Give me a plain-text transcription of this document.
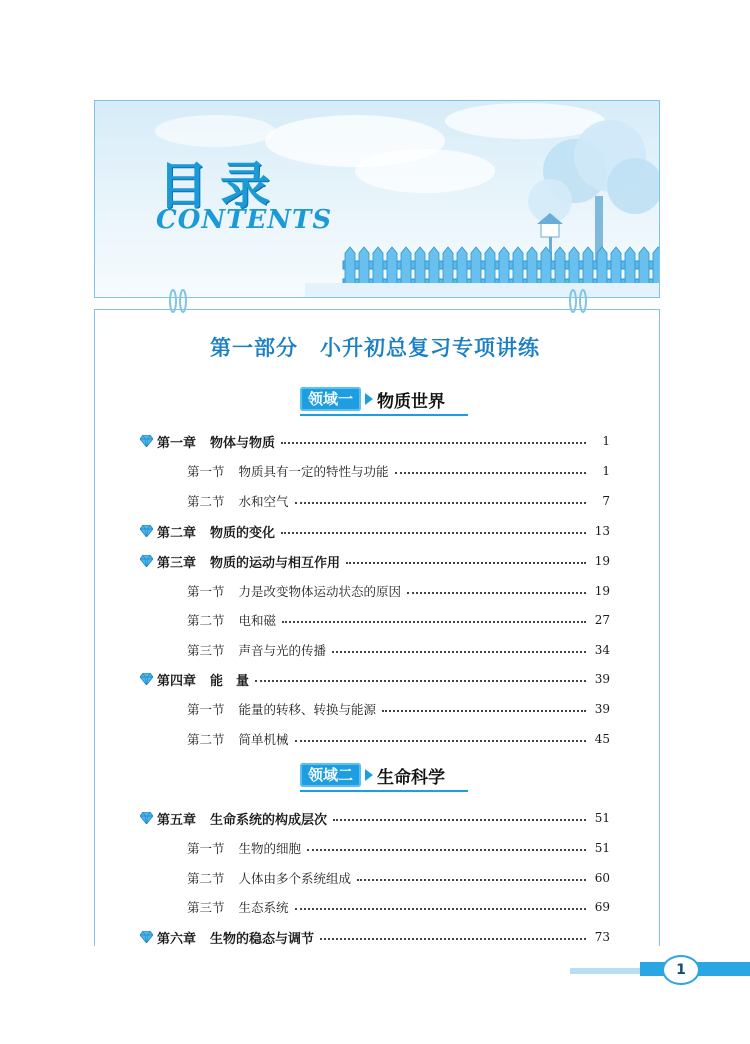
目录
CONTENTS
第一部分　小升初总复习专项讲练
领域一	物质世界
领域二	生命科学
第一章 物体与物质	1
第一节 物质具有一定的特性与功能	1
第二节 水和空气	7
第二章 物质的变化	13
第三章 物质的运动与相互作用	19
第一节 力是改变物体运动状态的原因	19
第二节 电和磁	27
第三节 声音与光的传播	34
第四章 能　量	39
第一节 能量的转移、转换与能源	39
第二节 简单机械	45
第五章 生命系统的构成层次	51
第一节 生物的细胞	51
第二节 人体由多个系统组成	60
第三节 生态系统	69
第六章 生物的稳态与调节	73
«	1
